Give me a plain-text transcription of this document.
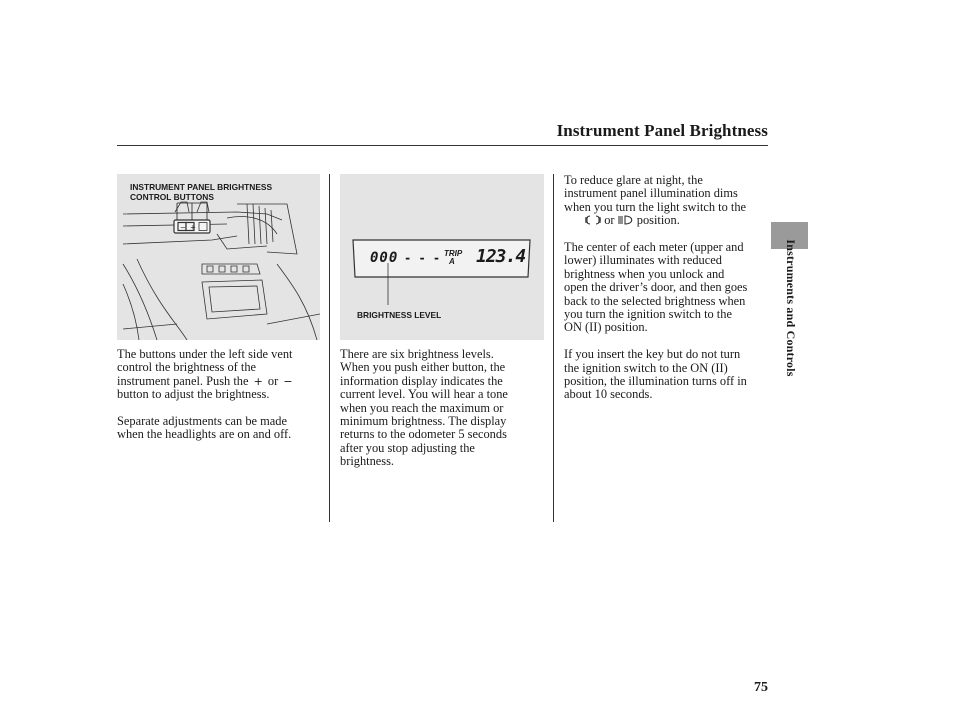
Instrument Panel Brightness
Instruments and Controls
INSTRUMENT PANEL BRIGHTNESS
CONTROL BUTTONS
+
−
000 - - - TRIP
A 123.4
BRIGHTNESS LEVEL

The buttons under the left side vent
control the brightness of the
instrument panel. Push the + or −
button to adjust the brightness.

Separate adjustments can be made
when the headlights are on and off.

There are six brightness levels.
When you push either button, the
information display indicates the
current level. You will hear a tone
when you reach the maximum or
minimum brightness. The display
returns to the odometer 5 seconds
after you stop adjusting the
brightness.

To reduce glare at night, the
instrument panel illumination dims
when you turn the light switch to the
or position.

The center of each meter (upper and
lower) illuminates with reduced
brightness when you unlock and
open the driver’s door, and then goes
back to the selected brightness when
you turn the ignition switch to the
ON (II) position.

If you insert the key but do not turn
the ignition switch to the ON (II)
position, the illumination turns off in
about 10 seconds.

75
